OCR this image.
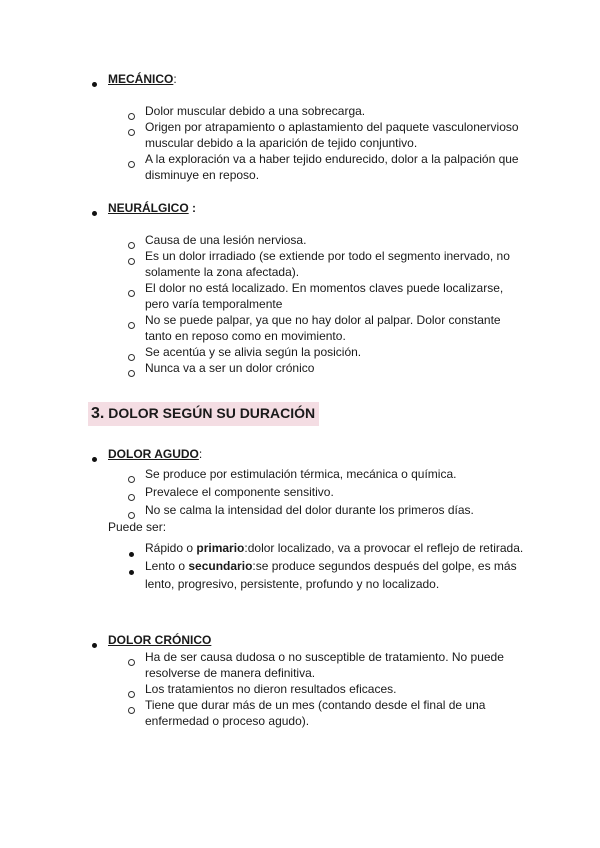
MECÁNICO:
Dolor muscular debido a una sobrecarga.
Origen por atrapamiento o aplastamiento del paquete vasculonervioso
muscular debido a la aparición de tejido conjuntivo.
A la exploración va a haber tejido endurecido, dolor a la palpación que
disminuye en reposo.
NEURÁLGICO :
Causa de una lesión nerviosa.
Es un dolor irradiado (se extiende por todo el segmento inervado, no
solamente la zona afectada).
El dolor no está localizado. En momentos claves puede localizarse,
pero varía temporalmente
No se puede palpar, ya que no hay dolor al palpar. Dolor constante
tanto en reposo como en movimiento.
Se acentúa y se alivia según la posición.
Nunca va a ser un dolor crónico
3. DOLOR SEGÚN SU DURACIÓN
DOLOR AGUDO:
Se produce por estimulación térmica, mecánica o química.
Prevalece el componente sensitivo.
No se calma la intensidad del dolor durante los primeros días.
Puede ser:
Rápido o primario:dolor localizado, va a provocar el reflejo de retirada.
Lento o secundario:se produce segundos después del golpe, es más
lento, progresivo, persistente, profundo y no localizado.
DOLOR CRÓNICO
Ha de ser causa dudosa o no susceptible de tratamiento. No puede
resolverse de manera definitiva.
Los tratamientos no dieron resultados eficaces.
Tiene que durar más de un mes (contando desde el final de una
enfermedad o proceso agudo).
